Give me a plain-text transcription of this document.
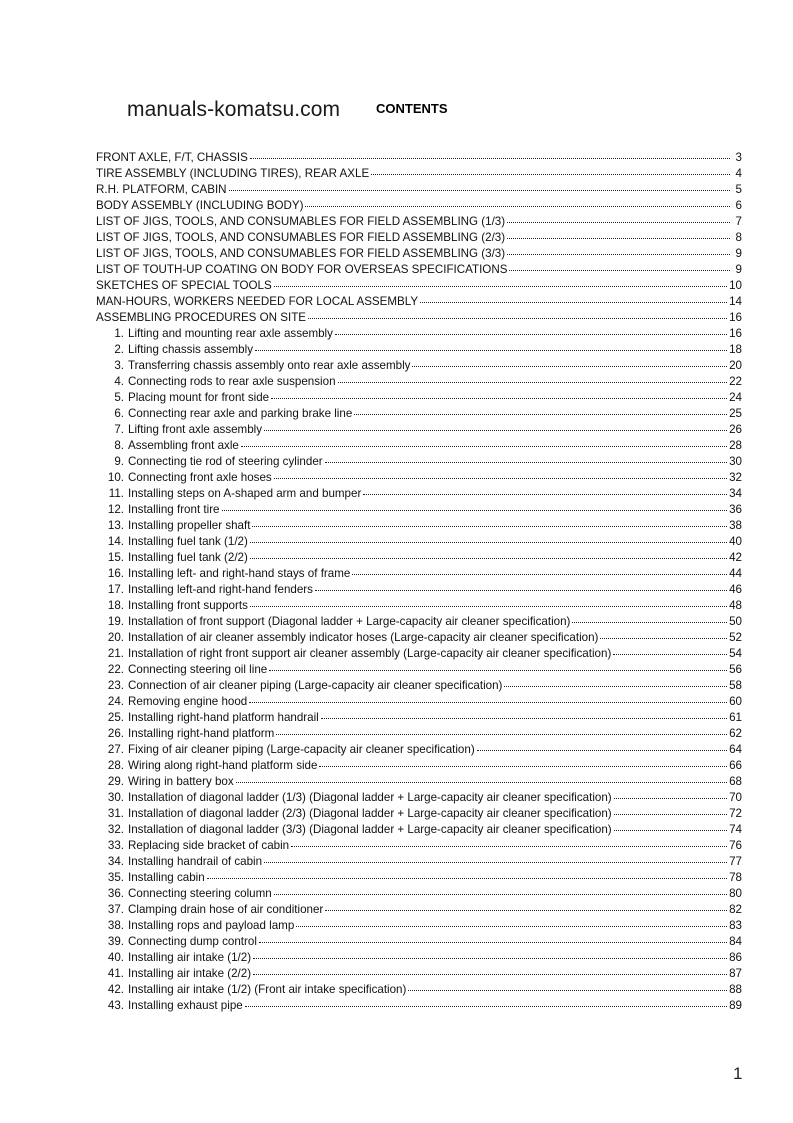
manuals-komatsu.com	CONTENTS
FRONT AXLE, F/T, CHASSIS	3
TIRE ASSEMBLY (INCLUDING TIRES), REAR AXLE	4
R.H. PLATFORM, CABIN	5
BODY ASSEMBLY (INCLUDING BODY)	6
LIST OF JIGS, TOOLS, AND CONSUMABLES FOR FIELD ASSEMBLING (1/3)	7
LIST OF JIGS, TOOLS, AND CONSUMABLES FOR FIELD ASSEMBLING (2/3)	8
LIST OF JIGS, TOOLS, AND CONSUMABLES FOR FIELD ASSEMBLING (3/3)	9
LIST OF TOUTH-UP COATING ON BODY FOR OVERSEAS SPECIFICATIONS	9
SKETCHES OF SPECIAL TOOLS	10
MAN-HOURS, WORKERS NEEDED FOR LOCAL ASSEMBLY	14
ASSEMBLING PROCEDURES ON SITE	16
1. Lifting and mounting rear axle assembly	16
2. Lifting chassis assembly	18
3. Transferring chassis assembly onto rear axle assembly	20
4. Connecting rods to rear axle suspension	22
5. Placing mount for front side	24
6. Connecting rear axle and parking brake line	25
7. Lifting front axle assembly	26
8. Assembling front axle	28
9. Connecting tie rod of steering cylinder	30
10. Connecting front axle hoses	32
11. Installing steps on A-shaped arm and bumper	34
12. Installing front tire	36
13. Installing propeller shaft	38
14. Installing fuel tank (1/2)	40
15. Installing fuel tank (2/2)	42
16. Installing left- and right-hand stays of frame	44
17. Installing left-and right-hand fenders	46
18. Installing front supports	48
19. Installation of front support (Diagonal ladder + Large-capacity air cleaner specification)	50
20. Installation of air cleaner assembly indicator hoses (Large-capacity air cleaner specification)	52
21. Installation of right front support air cleaner assembly (Large-capacity air cleaner specification)	54
22. Connecting steering oil line	56
23. Connection of air cleaner piping (Large-capacity air cleaner specification)	58
24. Removing engine hood	60
25. Installing right-hand platform handrail	61
26. Installing right-hand platform	62
27. Fixing of air cleaner piping (Large-capacity air cleaner specification)	64
28. Wiring along right-hand platform side	66
29. Wiring in battery box	68
30. Installation of diagonal ladder (1/3) (Diagonal ladder + Large-capacity air cleaner specification)	70
31. Installation of diagonal ladder (2/3) (Diagonal ladder + Large-capacity air cleaner specification)	72
32. Installation of diagonal ladder (3/3) (Diagonal ladder + Large-capacity air cleaner specification)	74
33. Replacing side bracket of cabin	76
34. Installing handrail of cabin	77
35. Installing cabin	78
36. Connecting steering column	80
37. Clamping drain hose of air conditioner	82
38. Installing rops and payload lamp	83
39. Connecting dump control	84
40. Installing air intake (1/2)	86
41. Installing air intake (2/2)	87
42. Installing air intake (1/2) (Front air intake specification)	88
43. Installing exhaust pipe	89
1
